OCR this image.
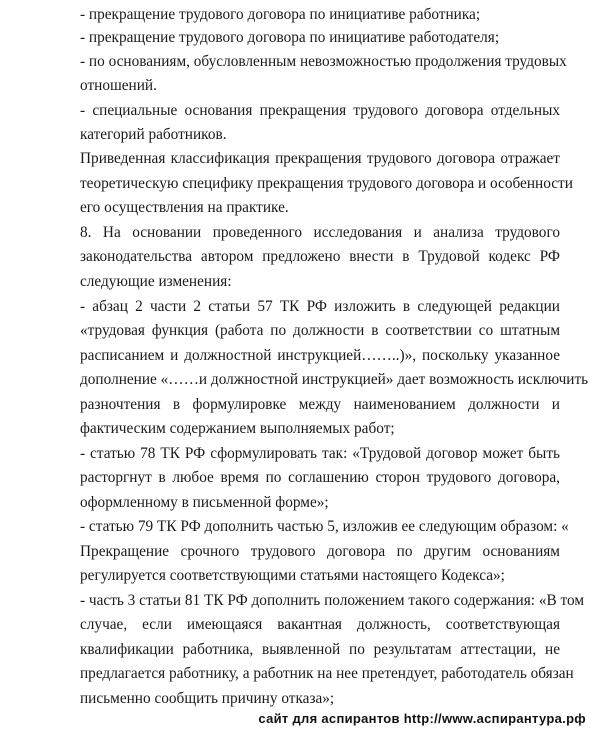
- прекращение трудового договора по инициативе работника;
- прекращение трудового договора по инициативе работодателя;
- по основаниям, обусловленным невозможностью продолжения трудовых
отношений.
- специальные основания прекращения трудового договора отдельных
категорий работников.
Приведенная классификация прекращения трудового договора отражает
теоретическую специфику прекращения трудового договора и особенности
его осуществления на практике.
8. На основании проведенного исследования и анализа трудового
законодательства автором предложено внести в Трудовой кодекс РФ
следующие изменения:
- абзац 2 части 2 статьи 57 ТК РФ изложить в следующей редакции
«трудовая функция (работа по должности в соответствии со штатным
расписанием и должностной инструкцией……..)», поскольку указанное
дополнение «……и должностной инструкцией» дает возможность исключить
разночтения в формулировке между наименованием должности и
фактическим содержанием выполняемых работ;
- статью 78 ТК РФ сформулировать так: «Трудовой договор может быть
расторгнут в любое время по соглашению сторон трудового договора,
оформленному в письменной форме»;
- статью 79 ТК РФ дополнить частью 5, изложив ее следующим образом: «
Прекращение срочного трудового договора по другим основаниям
регулируется соответствующими статьями настоящего Кодекса»;
- часть 3 статьи 81 ТК РФ дополнить положением такого содержания: «В том
случае, если имеющаяся вакантная должность, соответствующая
квалификации работника, выявленной по результатам аттестации, не
предлагается работнику, а работник на нее претендует, работодатель обязан
письменно сообщить причину отказа»;
сайт для аспирантов http://www.аспирантура.рф
